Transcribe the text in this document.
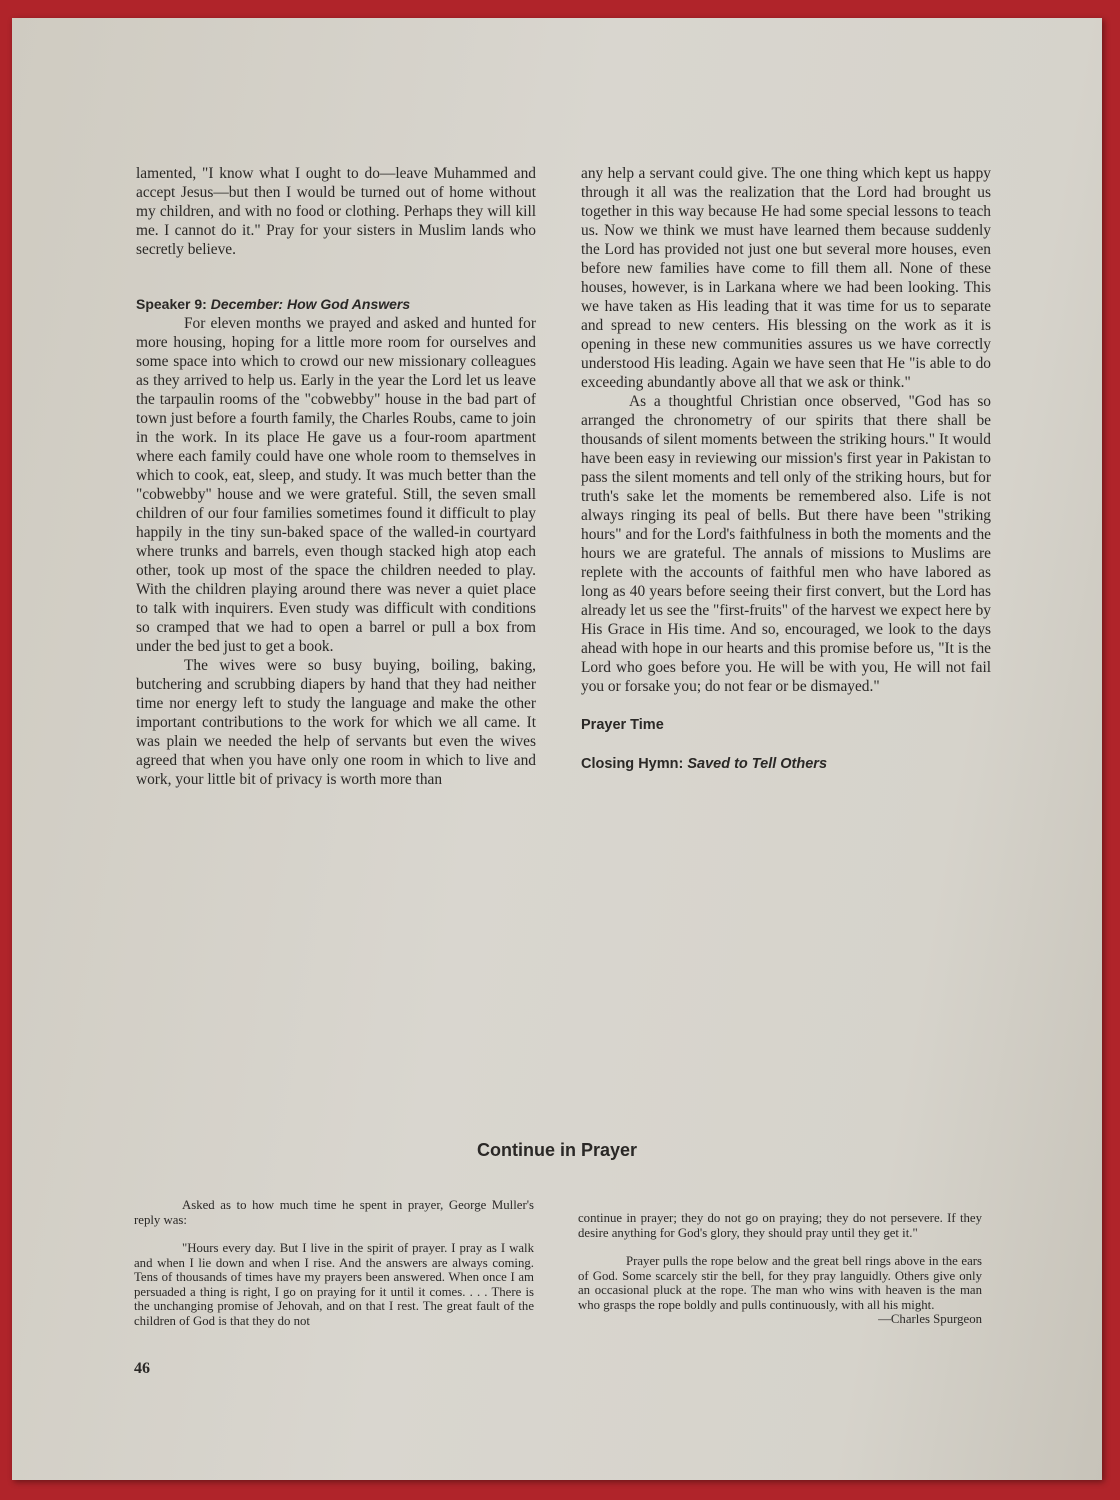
lamented, "I know what I ought to do—leave Muhammed and accept Jesus—but then I would be turned out of home without my children, and with no food or clothing. Perhaps they will kill me. I cannot do it." Pray for your sisters in Muslim lands who secretly believe.

Speaker 9: December: How God Answers

For eleven months we prayed and asked and hunted for more housing, hoping for a little more room for ourselves and some space into which to crowd our new missionary colleagues as they arrived to help us. Early in the year the Lord let us leave the tarpaulin rooms of the "cobwebby" house in the bad part of town just before a fourth family, the Charles Roubs, came to join in the work. In its place He gave us a four-room apartment where each family could have one whole room to themselves in which to cook, eat, sleep, and study. It was much better than the "cobwebby" house and we were grateful. Still, the seven small children of our four families sometimes found it difficult to play happily in the tiny sun-baked space of the walled-in courtyard where trunks and barrels, even though stacked high atop each other, took up most of the space the children needed to play. With the children playing around there was never a quiet place to talk with inquirers. Even study was difficult with conditions so cramped that we had to open a barrel or pull a box from under the bed just to get a book.

The wives were so busy buying, boiling, baking, butchering and scrubbing diapers by hand that they had neither time nor energy left to study the language and make the other important contributions to the work for which we all came. It was plain we needed the help of servants but even the wives agreed that when you have only one room in which to live and work, your little bit of privacy is worth more than

any help a servant could give. The one thing which kept us happy through it all was the realization that the Lord had brought us together in this way because He had some special lessons to teach us. Now we think we must have learned them because suddenly the Lord has provided not just one but several more houses, even before new families have come to fill them all. None of these houses, however, is in Larkana where we had been looking. This we have taken as His leading that it was time for us to separate and spread to new centers. His blessing on the work as it is opening in these new communities assures us we have correctly understood His leading. Again we have seen that He "is able to do exceeding abundantly above all that we ask or think."

As a thoughtful Christian once observed, "God has so arranged the chronometry of our spirits that there shall be thousands of silent moments between the striking hours." It would have been easy in reviewing our mission's first year in Pakistan to pass the silent moments and tell only of the striking hours, but for truth's sake let the moments be remembered also. Life is not always ringing its peal of bells. But there have been "striking hours" and for the Lord's faithfulness in both the moments and the hours we are grateful. The annals of missions to Muslims are replete with the accounts of faithful men who have labored as long as 40 years before seeing their first convert, but the Lord has already let us see the "first-fruits" of the harvest we expect here by His Grace in His time. And so, encouraged, we look to the days ahead with hope in our hearts and this promise before us, "It is the Lord who goes before you. He will be with you, He will not fail you or forsake you; do not fear or be dismayed."

Prayer Time

Closing Hymn: Saved to Tell Others

Continue in Prayer

Asked as to how much time he spent in prayer, George Muller's reply was:

"Hours every day. But I live in the spirit of prayer. I pray as I walk and when I lie down and when I rise. And the answers are always coming. Tens of thousands of times have my prayers been answered. When once I am persuaded a thing is right, I go on praying for it until it comes. . . . There is the unchanging promise of Jehovah, and on that I rest. The great fault of the children of God is that they do not

continue in prayer; they do not go on praying; they do not persevere. If they desire anything for God's glory, they should pray until they get it."

Prayer pulls the rope below and the great bell rings above in the ears of God. Some scarcely stir the bell, for they pray languidly. Others give only an occasional pluck at the rope. The man who wins with heaven is the man who grasps the rope boldly and pulls continuously, with all his might.

—Charles Spurgeon

46
